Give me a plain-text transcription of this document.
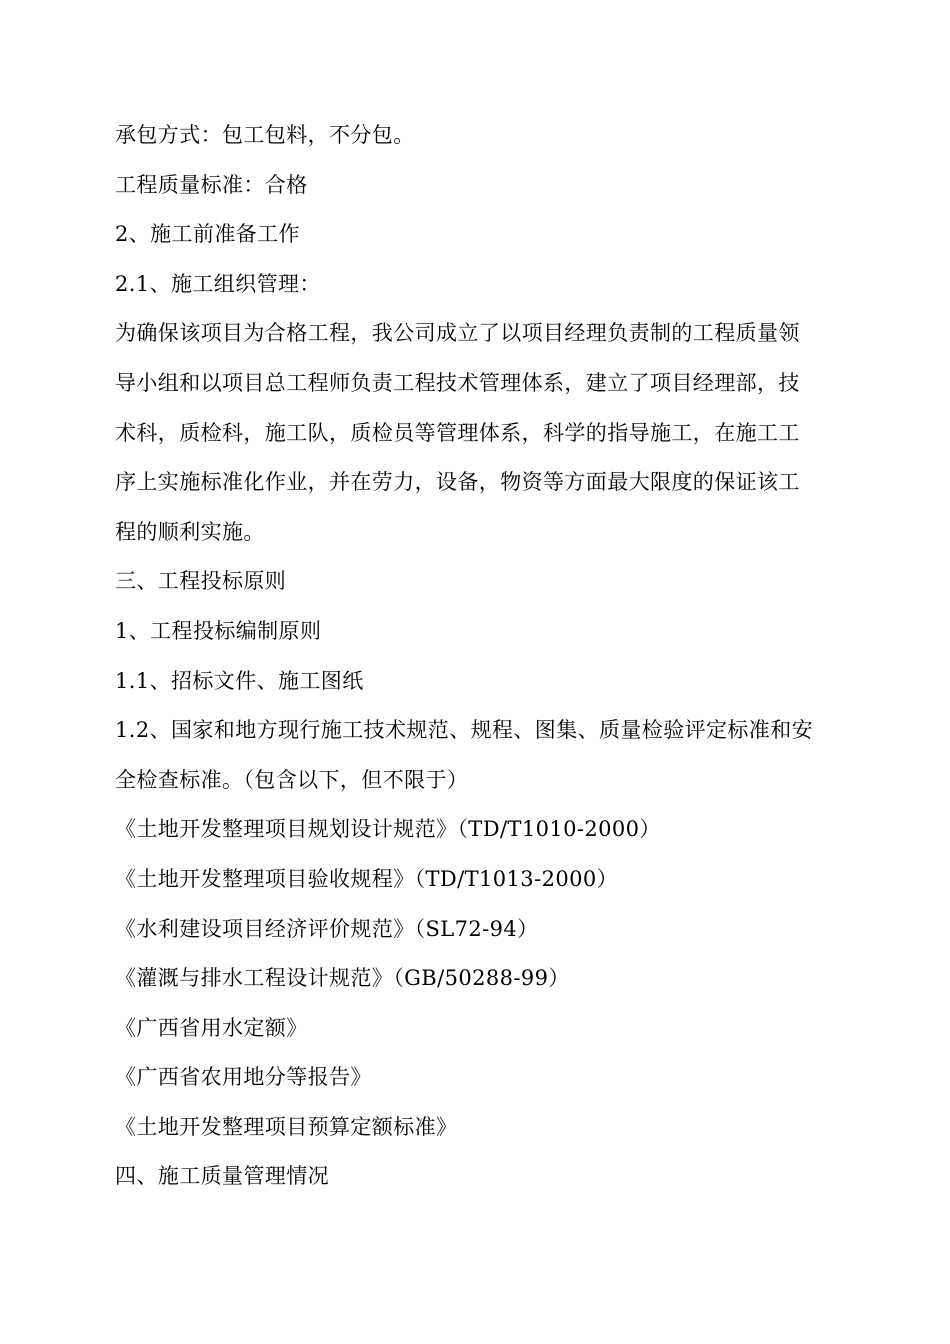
承包方式：包工包料，不分包。
工程质量标准：合格
2、施工前准备工作
2.1、施工组织管理：
为确保该项目为合格工程，我公司成立了以项目经理负责制的工程质量领
导小组和以项目总工程师负责工程技术管理体系，建立了项目经理部，技
术科，质检科，施工队，质检员等管理体系，科学的指导施工，在施工工
序上实施标准化作业，并在劳力，设备，物资等方面最大限度的保证该工
程的顺利实施。
三、工程投标原则
1、工程投标编制原则
1.1、招标文件、施工图纸
1.2、国家和地方现行施工技术规范、规程、图集、质量检验评定标准和安
全检查标准。（包含以下，但不限于）
《土地开发整理项目规划设计规范》（TD/T1010-2000）
《土地开发整理项目验收规程》（TD/T1013-2000）
《水利建设项目经济评价规范》（SL72-94）
《灌溉与排水工程设计规范》（GB/50288-99）
《广西省用水定额》
《广西省农用地分等报告》
《土地开发整理项目预算定额标准》
四、施工质量管理情况
